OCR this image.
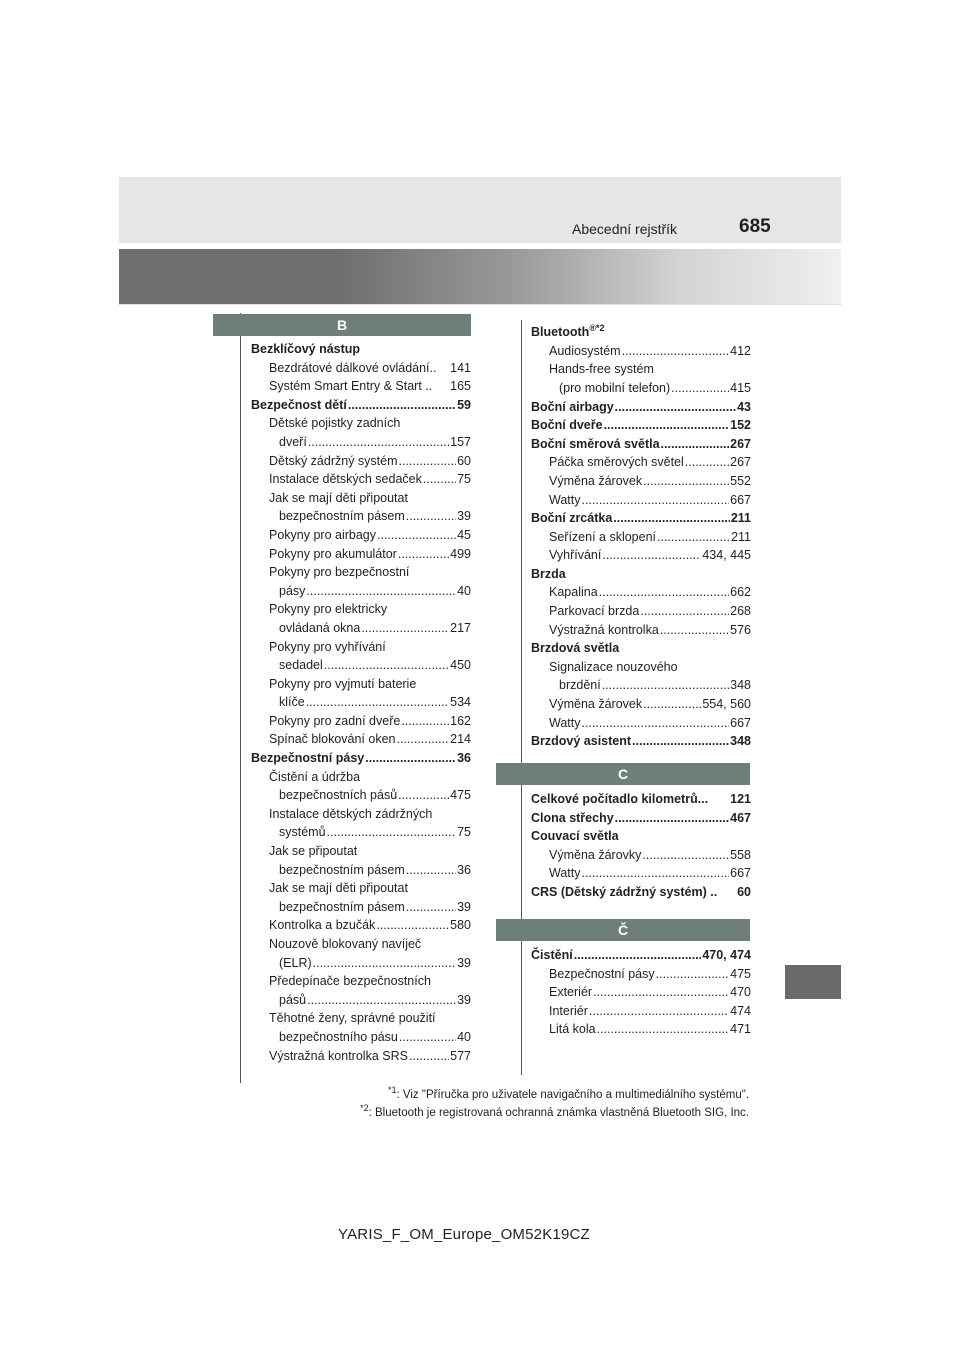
Abecední rejstřík	685
B
C
Č
Bezklíčový nástup
Bezdrátové dálkové ovládání.. 141
Systém Smart Entry & Start .. 165
Bezpečnost dětí .....	59
Dětské pojistky zadních
dveří .....	157
Dětský zádržný systém .....	60
Instalace dětských sedaček .....	75
Jak se mají děti připoutat
bezpečnostním pásem .....	39
Pokyny pro airbagy .....	45
Pokyny pro akumulátor .....	499
Pokyny pro bezpečnostní
pásy .....	40
Pokyny pro elektricky
ovládaná okna .....	217
Pokyny pro vyhřívání
sedadel .....	450
Pokyny pro vyjmutí baterie
klíče .....	534
Pokyny pro zadní dveře .....	162
Spínač blokování oken .....	214
Bezpečnostní pásy .....	36
Čistění a údržba
bezpečnostních pásů .....	475
Instalace dětských zádržných
systémů .....	75
Jak se připoutat
bezpečnostním pásem .....	36
Jak se mají děti připoutat
bezpečnostním pásem .....	39
Kontrolka a bzučák .....	580
Nouzově blokovaný navíječ
(ELR) .....	39
Předepínače bezpečnostních
pásů .....	39
Těhotné ženy, správné použití
bezpečnostního pásu .....	40
Výstražná kontrolka SRS .....	577
Bluetooth$^{®*2}$
Audiosystém .....	412
Hands-free systém
(pro mobilní telefon) .....	415
Boční airbagy .....	43
Boční dveře .....	152
Boční směrová světla .....	267
Páčka směrových světel .....	267
Výměna žárovek .....	552
Watty .....	667
Boční zrcátka .....	211
Seřízení a sklopení .....	211
Vyhřívání .....	434, 445
Brzda
Kapalina .....	662
Parkovací brzda .....	268
Výstražná kontrolka .....	576
Brzdová světla
Signalizace nouzového
brzdění .....	348
Výměna žárovek .....	554, 560
Watty .....	667
Brzdový asistent .....	348
Celkové počítadlo kilometrů... 121
Clona střechy .....	467
Couvací světla
Výměna žárovky .....	558
Watty .....	667
CRS (Dětský zádržný systém) .. 60
Čistění .....	470, 474
Bezpečnostní pásy .....	475
Exteriér .....	470
Interiér .....	474
Litá kola .....	471
$^{*1}$: Viz "Příručka pro uživatele navigačního a multimediálního systému".
$^{*2}$: Bluetooth je registrovaná ochranná známka vlastněná Bluetooth SIG, Inc.
YARIS_F_OM_Europe_OM52K19CZ
